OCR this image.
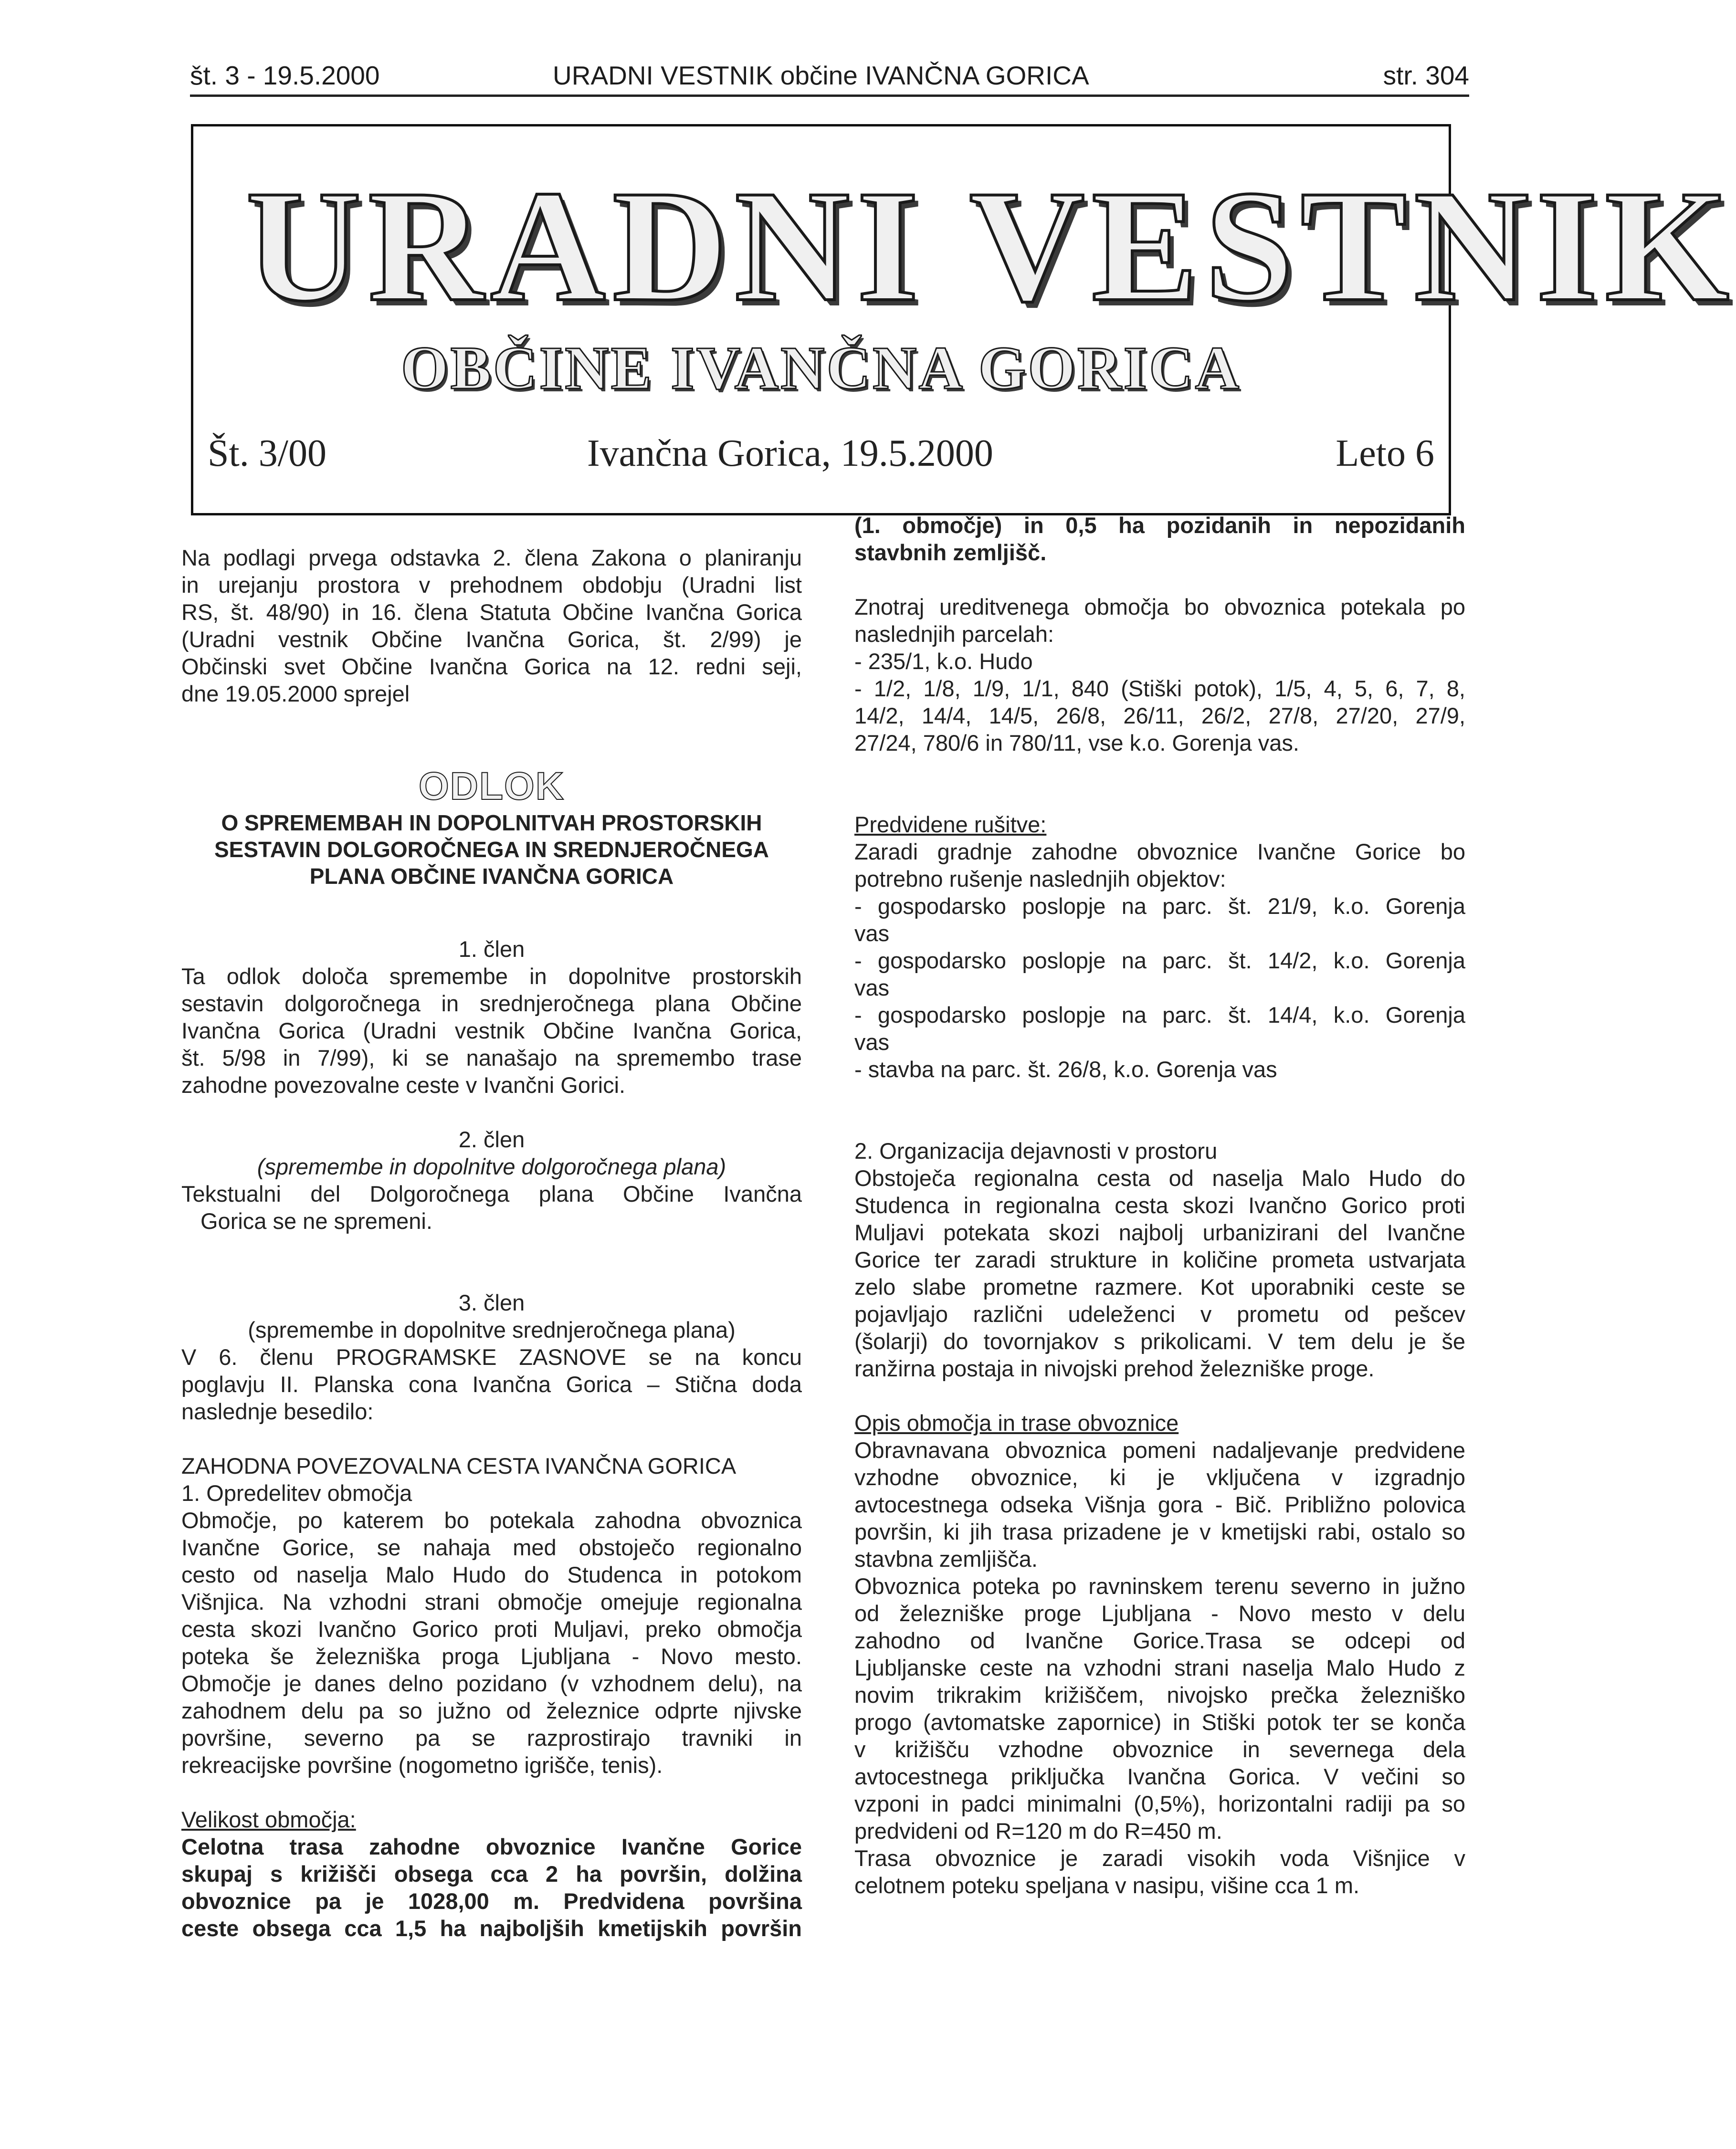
št. 3 - 19.5.2000	URADNI VESTNIK občine IVANČNA GORICA	str. 304
URADNI VESTNIK
OBČINE IVANČNA GORICA
Št. 3/00	Ivančna Gorica, 19.5.2000	Leto 6

Na podlagi prvega odstavka 2. člena Zakona o planiranju

in urejanju prostora v prehodnem obdobju (Uradni list

RS, št. 48/90) in 16. člena Statuta Občine Ivančna Gorica

(Uradni vestnik Občine Ivančna Gorica, št. 2/99) je

Občinski svet Občine Ivančna Gorica na 12. redni seji,

dne 19.05.2000 sprejel

ODLOK

O SPREMEMBAH IN DOPOLNITVAH PROSTORSKIH

SESTAVIN DOLGOROČNEGA IN SREDNJEROČNEGA

PLANA OBČINE IVANČNA GORICA

1. člen

Ta odlok določa spremembe in dopolnitve prostorskih

sestavin dolgoročnega in srednjeročnega plana Občine

Ivančna Gorica (Uradni vestnik Občine Ivančna Gorica,

št. 5/98 in 7/99), ki se nanašajo na spremembo trase

zahodne povezovalne ceste v Ivančni Gorici.

2. člen

(spremembe in dopolnitve dolgoročnega plana)

Tekstualni del Dolgoročnega plana Občine Ivančna

Gorica se ne spremeni.

3. člen

(spremembe in dopolnitve srednjeročnega plana)

V 6. členu PROGRAMSKE ZASNOVE se na koncu

poglavju II. Planska cona Ivančna Gorica – Stična doda

naslednje besedilo:

ZAHODNA POVEZOVALNA CESTA IVANČNA GORICA

1. Opredelitev območja

Območje, po katerem bo potekala zahodna obvoznica

Ivančne Gorice, se nahaja med obstoječo regionalno

cesto od naselja Malo Hudo do Studenca in potokom

Višnjica. Na vzhodni strani območje omejuje regionalna

cesta skozi Ivančno Gorico proti Muljavi, preko območja

poteka še železniška proga Ljubljana - Novo mesto.

Območje je danes delno pozidano (v vzhodnem delu), na

zahodnem delu pa so južno od železnice odprte njivske

površine, severno pa se razprostirajo travniki in

rekreacijske površine (nogometno igrišče, tenis).

Velikost območja:

Celotna trasa zahodne obvoznice Ivančne Gorice

skupaj s križišči obsega cca 2 ha površin, dolžina

obvoznice pa je 1028,00 m. Predvidena površina

ceste obsega cca 1,5 ha najboljših kmetijskih površin

(1. območje) in 0,5 ha pozidanih in nepozidanih

stavbnih zemljišč.

Znotraj ureditvenega območja bo obvoznica potekala po

naslednjih parcelah:

- 235/1, k.o. Hudo

- 1/2, 1/8, 1/9, 1/1, 840 (Stiški potok), 1/5, 4, 5, 6, 7, 8,

14/2, 14/4, 14/5, 26/8, 26/11, 26/2, 27/8, 27/20, 27/9,

27/24, 780/6 in 780/11, vse k.o. Gorenja vas.

Predvidene rušitve:

Zaradi gradnje zahodne obvoznice Ivančne Gorice bo

potrebno rušenje naslednjih objektov:

- gospodarsko poslopje na parc. št. 21/9, k.o. Gorenja

vas

- gospodarsko poslopje na parc. št. 14/2, k.o. Gorenja

vas

- gospodarsko poslopje na parc. št. 14/4, k.o. Gorenja

vas

- stavba na parc. št. 26/8, k.o. Gorenja vas

2. Organizacija dejavnosti v prostoru

Obstoječa regionalna cesta od naselja Malo Hudo do

Studenca in regionalna cesta skozi Ivančno Gorico proti

Muljavi potekata skozi najbolj urbanizirani del Ivančne

Gorice ter zaradi strukture in količine prometa ustvarjata

zelo slabe prometne razmere. Kot uporabniki ceste se

pojavljajo različni udeleženci v prometu od pešcev

(šolarji) do tovornjakov s prikolicami. V tem delu je še

ranžirna postaja in nivojski prehod železniške proge.

Opis območja in trase obvoznice

Obravnavana obvoznica pomeni nadaljevanje predvidene

vzhodne obvoznice, ki je vključena v izgradnjo

avtocestnega odseka Višnja gora - Bič. Približno polovica

površin, ki jih trasa prizadene je v kmetijski rabi, ostalo so

stavbna zemljišča.

Obvoznica poteka po ravninskem terenu severno in južno

od železniške proge Ljubljana - Novo mesto v delu

zahodno od Ivančne Gorice.Trasa se odcepi od

Ljubljanske ceste na vzhodni strani naselja Malo Hudo z

novim trikrakim križiščem, nivojsko prečka železniško

progo (avtomatske zapornice) in Stiški potok ter se konča

v križišču vzhodne obvoznice in severnega dela

avtocestnega priključka Ivančna Gorica. V večini so

vzponi in padci minimalni (0,5%), horizontalni radiji pa so

predvideni od R=120 m do R=450 m.

Trasa obvoznice je zaradi visokih voda Višnjice v

celotnem poteku speljana v nasipu, višine cca 1 m.
